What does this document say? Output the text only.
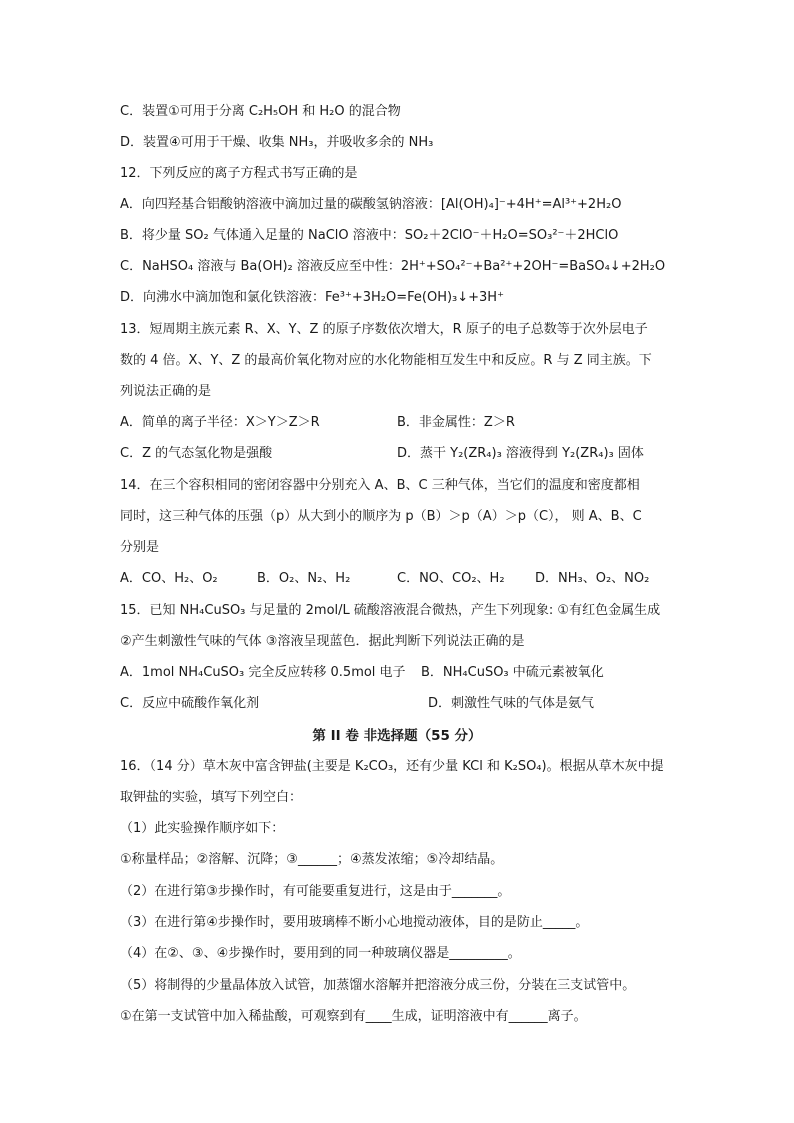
C．装置①可用于分离 C₂H₅OH 和 H₂O 的混合物
D．装置④可用于干燥、收集 NH₃，并吸收多余的 NH₃
12．下列反应的离子方程式书写正确的是
A．向四羟基合铝酸钠溶液中滴加过量的碳酸氢钠溶液：[Al(OH)₄]⁻+4H⁺=Al³⁺+2H₂O
B．将少量 SO₂ 气体通入足量的 NaClO 溶液中：SO₂＋2ClO⁻＋H₂O=SO₃²⁻＋2HClO
C．NaHSO₄ 溶液与 Ba(OH)₂ 溶液反应至中性：2H⁺+SO₄²⁻+Ba²⁺+2OH⁻=BaSO₄↓+2H₂O
D．向沸水中滴加饱和氯化铁溶液：Fe³⁺+3H₂O=Fe(OH)₃↓+3H⁺
13．短周期主族元素 R、X、Y、Z 的原子序数依次增大，R 原子的电子总数等于次外层电子
数的 4 倍。X、Y、Z 的最高价氧化物对应的水化物能相互发生中和反应。R 与 Z 同主族。下
列说法正确的是
A．简单的离子半径：X＞Y＞Z＞R	B．非金属性：Z＞R
C．Z 的气态氢化物是强酸	D．蒸干 Y₂(ZR₄)₃ 溶液得到 Y₂(ZR₄)₃ 固体
14．在三个容积相同的密闭容器中分别充入 A、B、C 三种气体，当它们的温度和密度都相
同时，这三种气体的压强（p）从大到小的顺序为 p（B）＞p（A）＞p（C）， 则 A、B、C
分别是
A．CO、H₂、O₂	B．O₂、N₂、H₂	C．NO、CO₂、H₂ D．NH₃、O₂、NO₂
15．已知 NH₄CuSO₃ 与足量的 2mol/L 硫酸溶液混合微热，产生下列现象: ①有红色金属生成
②产生刺激性气味的气体 ③溶液呈现蓝色．据此判断下列说法正确的是
A．1mol NH₄CuSO₃ 完全反应转移 0.5mol 电子 B．NH₄CuSO₃ 中硫元素被氧化
C．反应中硫酸作氧化剂	D．刺激性气味的气体是氨气
第 II 卷 非选择题（55 分）
16．（14 分）草木灰中富含钾盐(主要是 K₂CO₃，还有少量 KCl 和 K₂SO₄)。根据从草木灰中提
取钾盐的实验，填写下列空白：
（1）此实验操作顺序如下：
①称量样品；②溶解、沉降；③______；④蒸发浓缩；⑤冷却结晶。
（2）在进行第③步操作时，有可能要重复进行，这是由于_______。
（3）在进行第④步操作时，要用玻璃棒不断小心地搅动液体，目的是防止_____。
（4）在②、③、④步操作时，要用到的同一种玻璃仪器是_________。
（5）将制得的少量晶体放入试管，加蒸馏水溶解并把溶液分成三份，分装在三支试管中。
①在第一支试管中加入稀盐酸，可观察到有____生成，证明溶液中有______离子。
